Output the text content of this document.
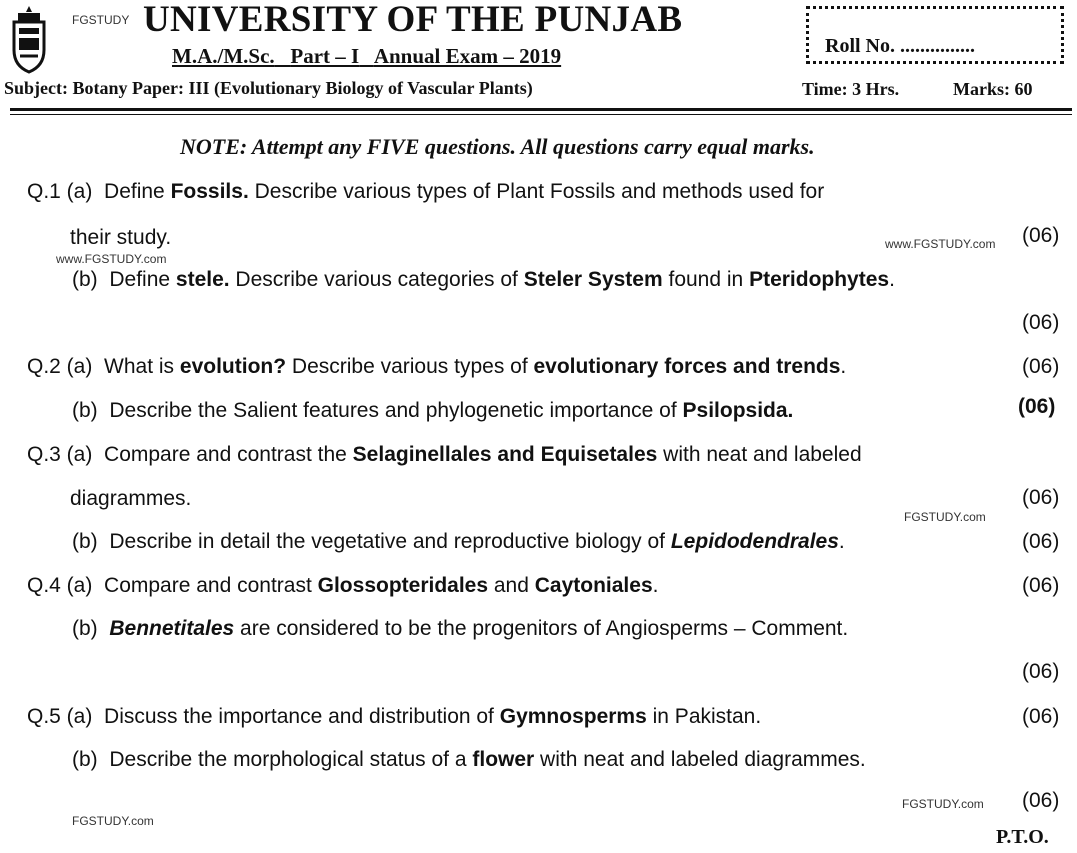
FGSTUDY UNIVERSITY OF THE PUNJAB
M.A./M.Sc. Part – I Annual Exam – 2019
Subject: Botany Paper: III (Evolutionary Biology of Vascular Plants)
Roll No. ...............
Time: 3 Hrs.	Marks: 60
NOTE: Attempt any FIVE questions. All questions carry equal marks.
Q.1 (a) Define Fossils. Describe various types of Plant Fossils and methods used for
their study.	www.FGSTUDY.com (06)
www.FGSTUDY.com
(b) Define stele. Describe various categories of Steler System found in Pteridophytes.
(06)
Q.2 (a) What is evolution? Describe various types of evolutionary forces and trends.	(06)
(b) Describe the Salient features and phylogenetic importance of Psilopsida.	(06)
Q.3 (a) Compare and contrast the Selaginellales and Equisetales with neat and labeled
diagrammes.	(06)
FGSTUDY.com
(b) Describe in detail the vegetative and reproductive biology of Lepidodendrales.	(06)
Q.4 (a) Compare and contrast Glossopteridales and Caytoniales.	(06)
(b) Bennetitales are considered to be the progenitors of Angiosperms – Comment.
(06)
Q.5 (a) Discuss the importance and distribution of Gymnosperms in Pakistan.	(06)
(b) Describe the morphological status of a flower with neat and labeled diagrammes.
FGSTUDY.com (06)
FGSTUDY.com
P.T.O.
